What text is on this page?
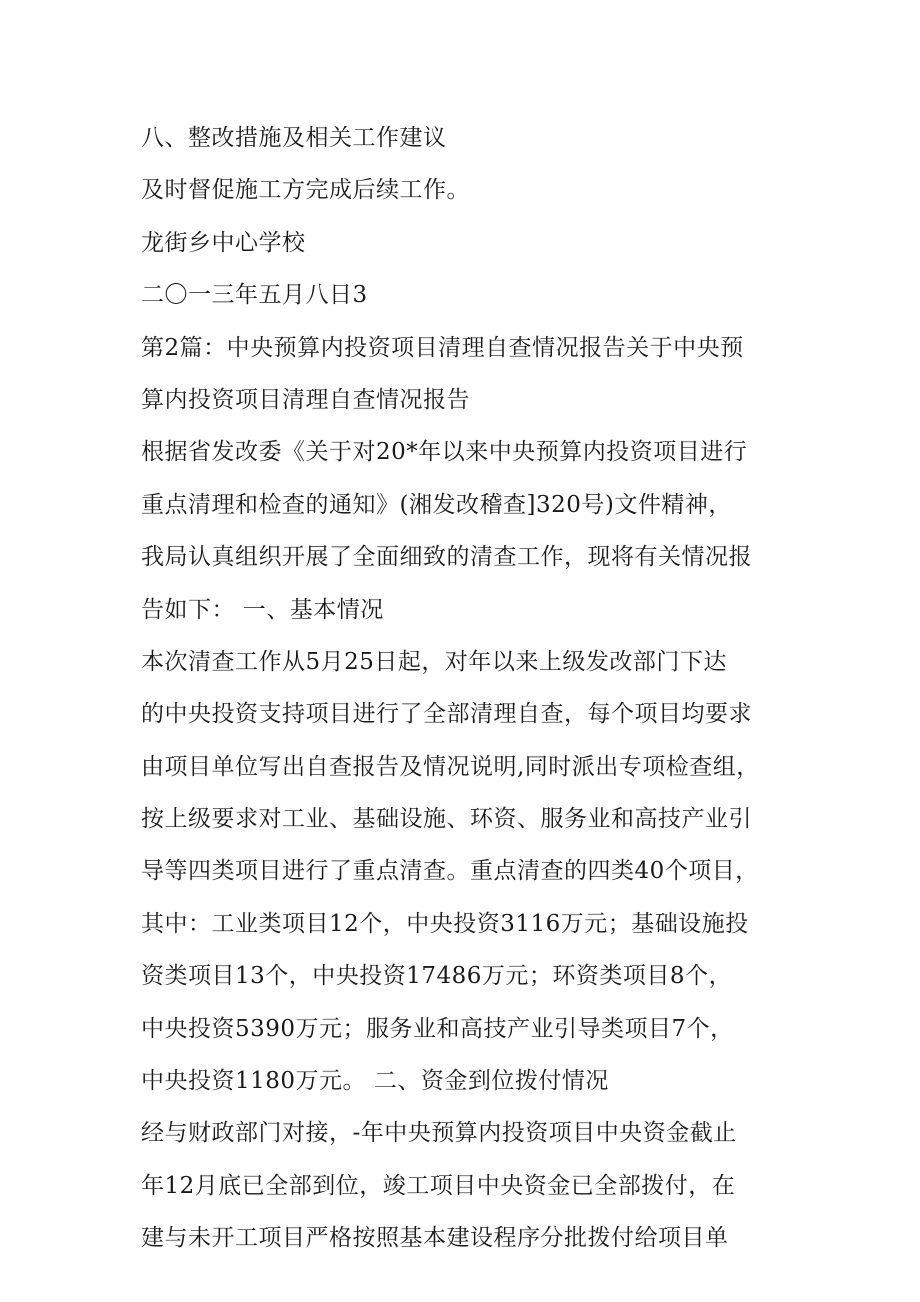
八、整改措施及相关工作建议
及时督促施工方完成后续工作。
龙街乡中心学校
二〇一三年五月八日3
第2篇：中央预算内投资项目清理自查情况报告关于中央预
算内投资项目清理自查情况报告
根据省发改委《关于对20*年以来中央预算内投资项目进行
重点清理和检查的通知》(湘发改稽查]320号)文件精神，
我局认真组织开展了全面细致的清查工作，现将有关情况报
告如下： 一、基本情况
本次清查工作从5月25日起，对年以来上级发改部门下达
的中央投资支持项目进行了全部清理自查，每个项目均要求
由项目单位写出自查报告及情况说明,同时派出专项检查组，
按上级要求对工业、基础设施、环资、服务业和高技产业引
导等四类项目进行了重点清查。重点清查的四类40个项目，
其中：工业类项目12个，中央投资3116万元；基础设施投
资类项目13个，中央投资17486万元；环资类项目8个，
中央投资5390万元；服务业和高技产业引导类项目7个，
中央投资1180万元。 二、资金到位拨付情况
经与财政部门对接，-年中央预算内投资项目中央资金截止
年12月底已全部到位，竣工项目中央资金已全部拨付，在
建与未开工项目严格按照基本建设程序分批拨付给项目单
